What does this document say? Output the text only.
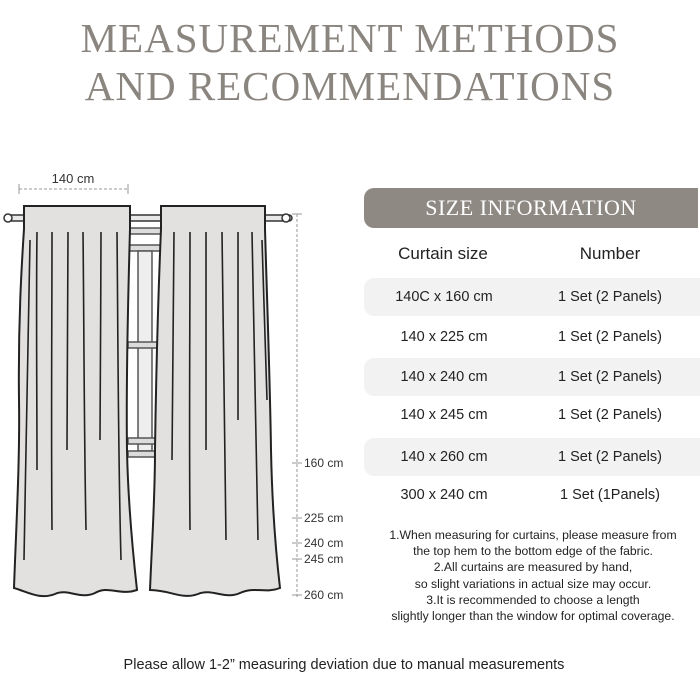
MEASUREMENT METHODS
AND RECOMMENDATIONS
140 cm
160 cm
225 cm
240 cm
245 cm
260 cm
SIZE INFORMATION
Curtain size	Number
140C x 160 cm	1 Set (2 Panels)
140 x 225 cm	1 Set (2 Panels)
140 x 240 cm	1 Set (2 Panels)
140 x 245 cm	1 Set (2 Panels)
140 x 260 cm	1 Set (2 Panels)
300 x 240 cm	1 Set (1Panels)
1.When measuring for curtains, please measure from
the top hem to the bottom edge of the fabric.
2.All curtains are measured by hand,
so slight variations in actual size may occur.
3.It is recommended to choose a length
slightly longer than the window for optimal coverage.
Please allow 1-2” measuring deviation due to manual measurements
